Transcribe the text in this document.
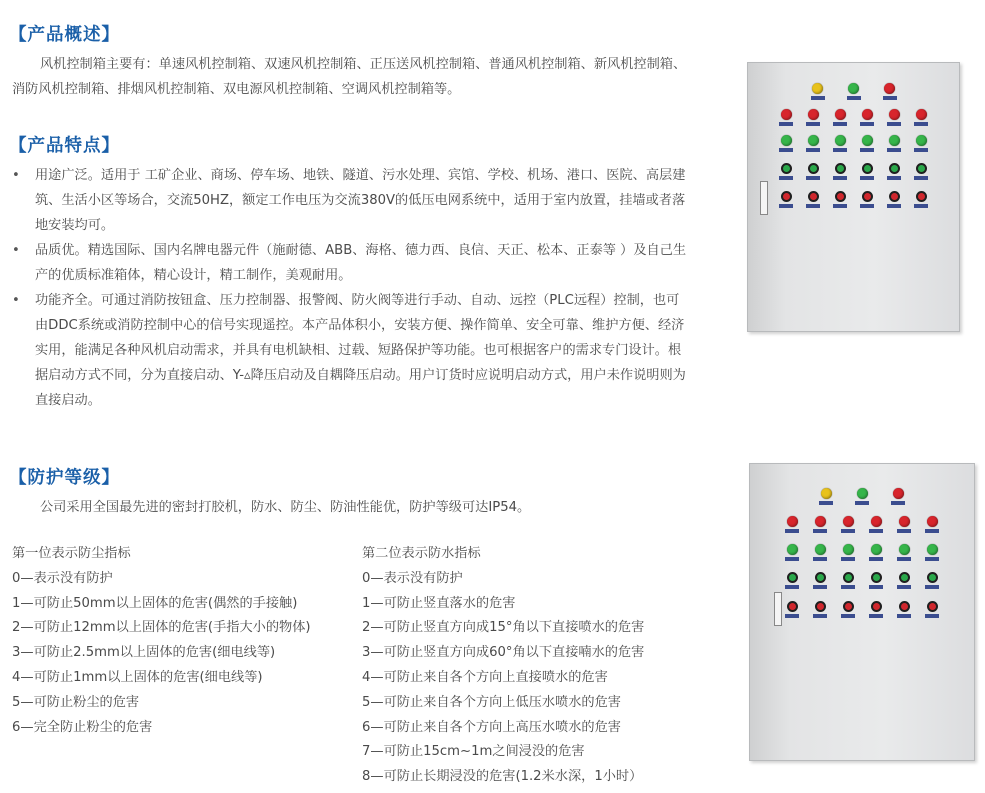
【产品概述】

风机控制箱主要有：单速风机控制箱、双速风机控制箱、正压送风机控制箱、普通风机控制箱、新风机控制箱、消防风机控制箱、排烟风机控制箱、双电源风机控制箱、空调风机控制箱等。

【产品特点】
• 用途广泛。适用于 工矿企业、商场、停车场、地铁、隧道、污水处理、宾馆、学校、机场、港口、医院、高层建筑、生活小区等场合，交流50HZ，额定工作电压为交流380V的低压电网系统中，适用于室内放置，挂墙或者落地安装均可。
• 品质优。精选国际、国内名牌电器元件（施耐德、ABB、海格、德力西、良信、天正、松本、正泰等 ）及自己生产的优质标准箱体，精心设计，精工制作，美观耐用。
• 功能齐全。可通过消防按钮盒、压力控制器、报警阀、防火阀等进行手动、自动、远控（PLC远程）控制，也可由DDC系统或消防控制中心的信号实现遥控。本产品体积小，安装方便、操作简单、安全可靠、维护方便、经济实用，能满足各种风机启动需求，并具有电机缺相、过载、短路保护等功能。也可根据客户的需求专门设计。根据启动方式不同，分为直接启动、Y-▵降压启动及自耦降压启动。用户订货时应说明启动方式，用户未作说明则为直接启动。
【防护等级】

公司采用全国最先进的密封打胶机，防水、防尘、防油性能优，防护等级可达IP54。

第一位表示防尘指标
0—表示没有防护
1—可防止50mm以上固体的危害(偶然的手接触)
2—可防止12mm以上固体的危害(手指大小的物体)
3—可防止2.5mm以上固体的危害(细电线等)
4—可防止1mm以上固体的危害(细电线等)
5—可防止粉尘的危害
6—完全防止粉尘的危害
第二位表示防水指标
0—表示没有防护
1—可防止竖直落水的危害
2—可防止竖直方向成15°角以下直接喷水的危害
3—可防止竖直方向成60°角以下直接喃水的危害
4—可防止来自各个方向上直接喷水的危害
5—可防止来自各个方向上低压水喷水的危害
6—可防止来自各个方向上高压水喷水的危害
7—可防止15cm~1m之间浸没的危害
8—可防止长期浸没的危害(1.2米水深，1小时）
